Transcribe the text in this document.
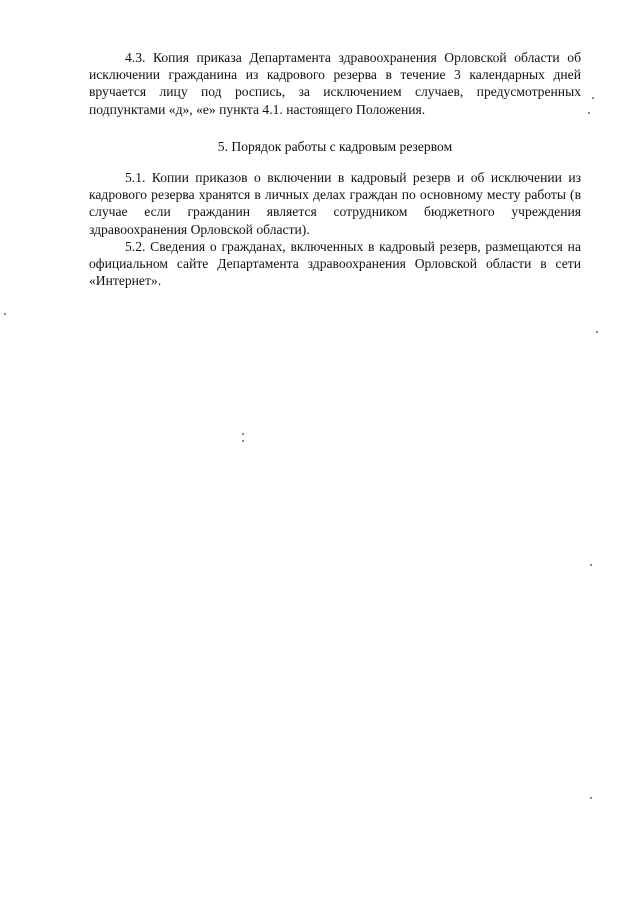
4.3. Копия приказа Департамента здравоохранения Орловской области об исключении гражданина из кадрового резерва в течение 3 календарных дней вручается лицу под роспись, за исключением случаев, предусмотренных подпунктами «д», «е» пункта 4.1. настоящего Положения.

5. Порядок работы с кадровым резервом

5.1. Копии приказов о включении в кадровый резерв и об исключении из кадрового резерва хранятся в личных делах граждан по основному месту работы (в случае если гражданин является сотрудником бюджетного учреждения здравоохранения Орловской области).

5.2. Сведения о гражданах, включенных в кадровый резерв, размещаются на официальном сайте Департамента здравоохранения Орловской области в сети «Интернет».
